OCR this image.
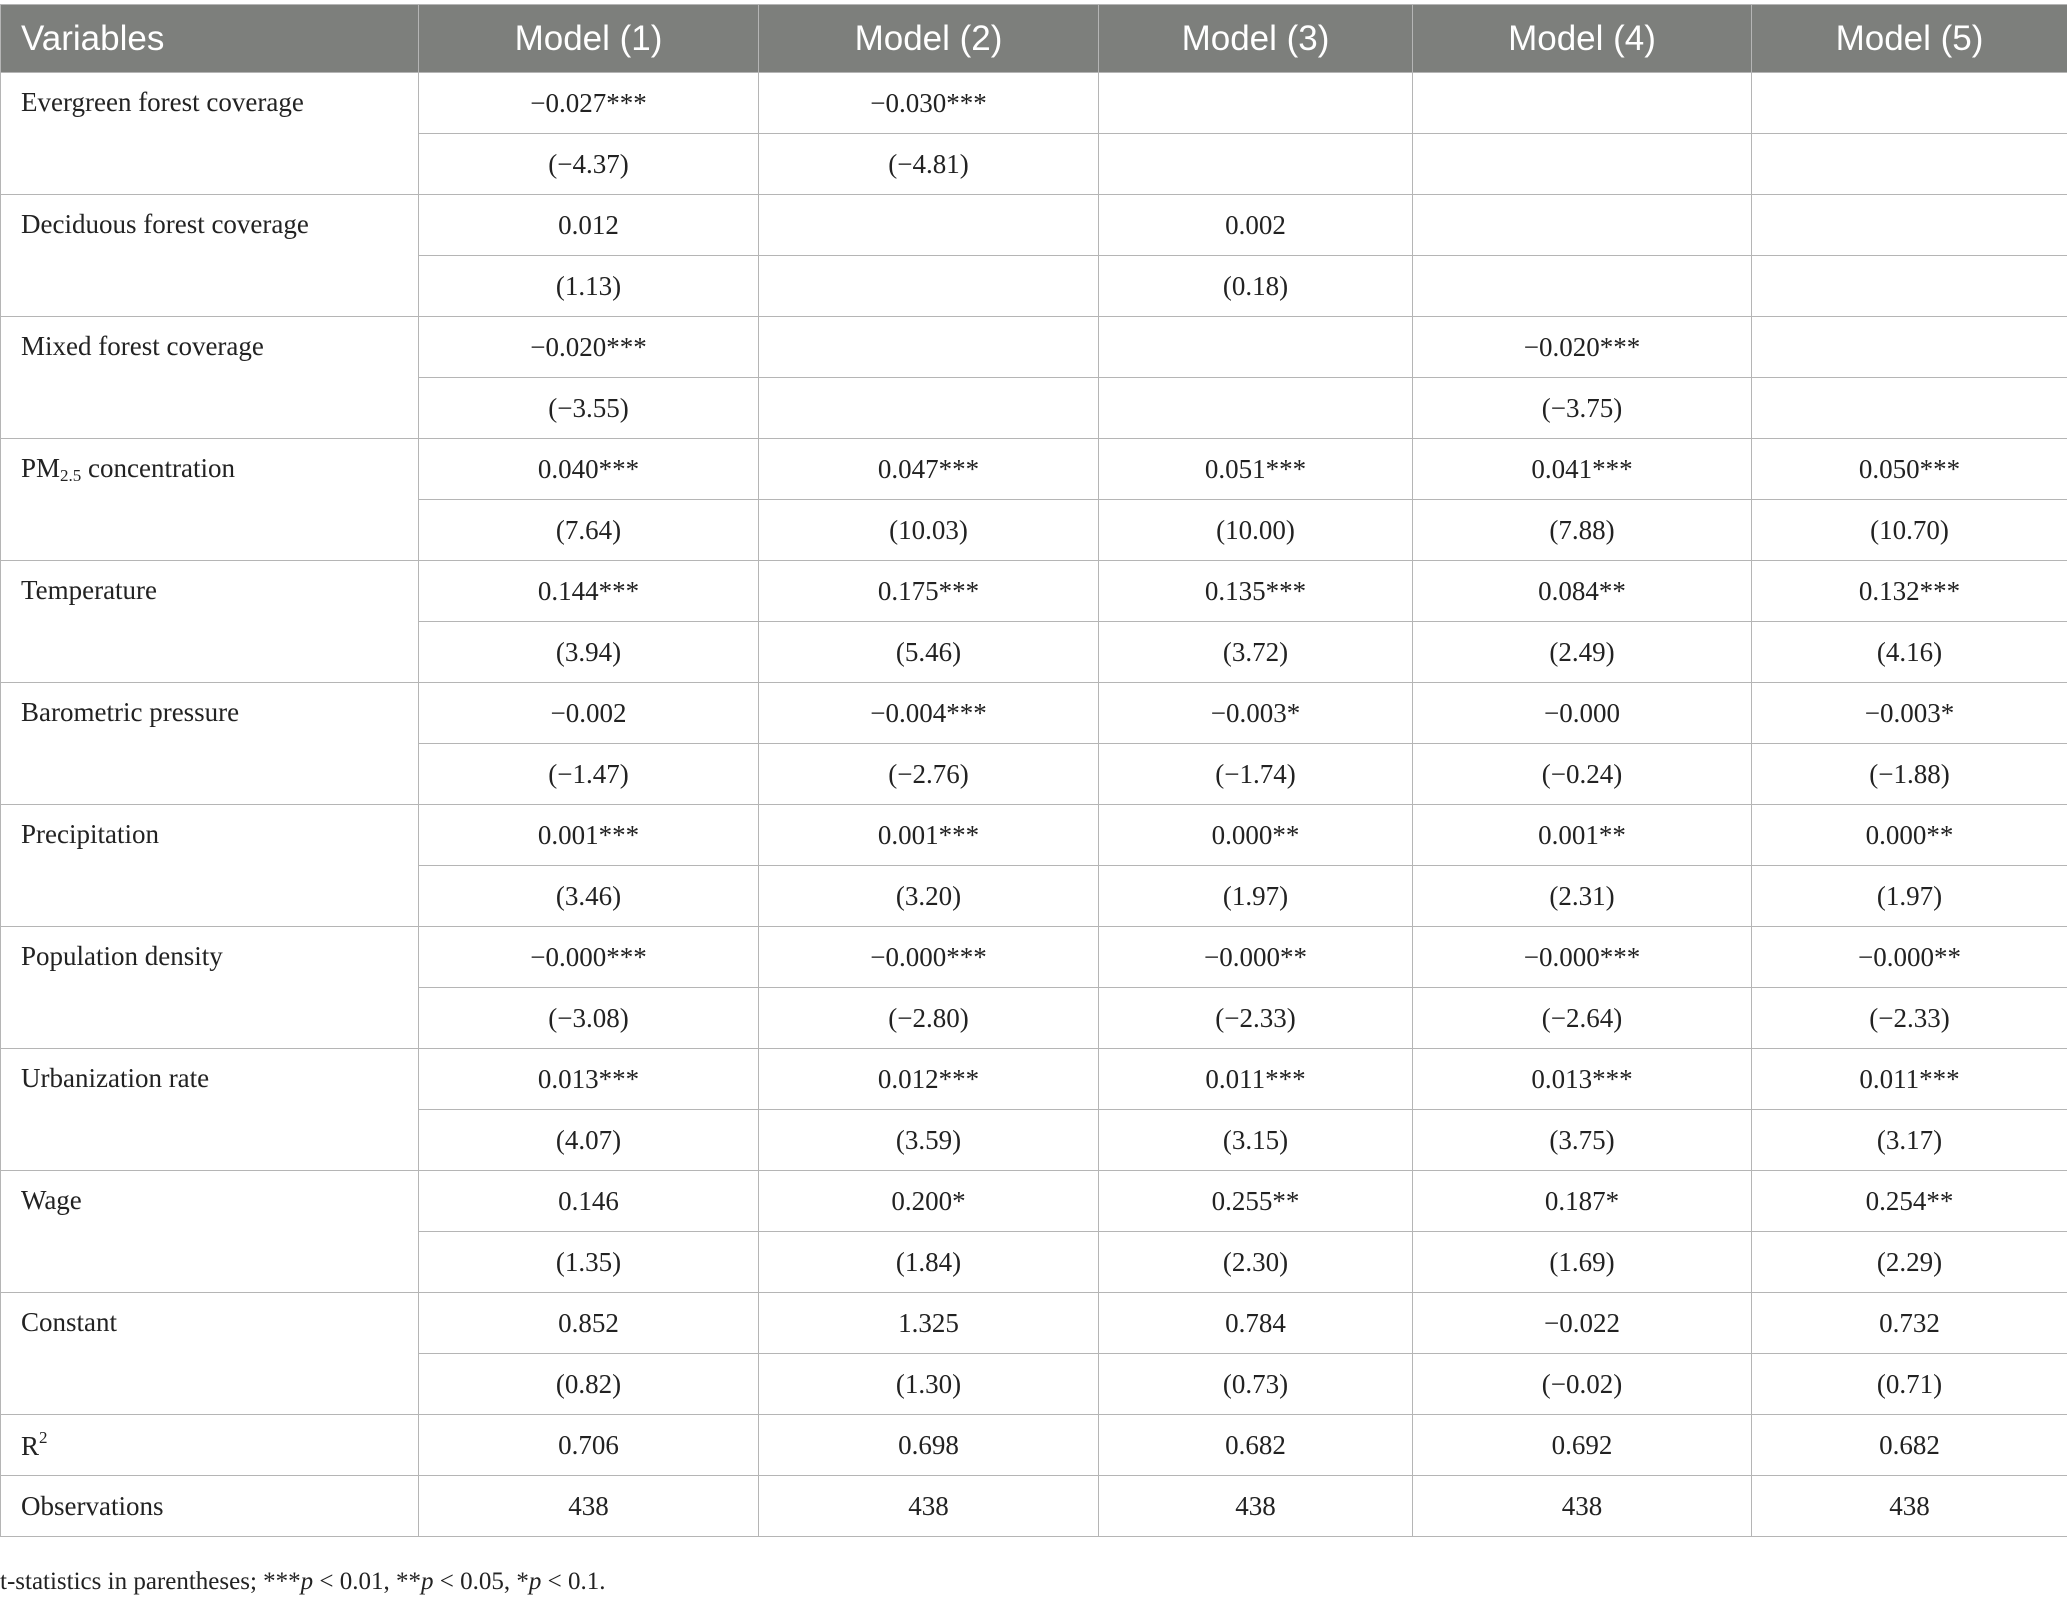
Variables	Model (1)	Model (2)	Model (3)	Model (4)	Model (5)
Evergreen forest coverage	−0.027***	−0.030***			
	(−4.37)	(−4.81)			
Deciduous forest coverage	0.012		0.002		
	(1.13)		(0.18)		
Mixed forest coverage	−0.020***			−0.020***	
	(−3.55)			(−3.75)	
$PM_{2.5}$ concentration	0.040***	0.047***	0.051***	0.041***	0.050***
	(7.64)	(10.03)	(10.00)	(7.88)	(10.70)
Temperature	0.144***	0.175***	0.135***	0.084**	0.132***
	(3.94)	(5.46)	(3.72)	(2.49)	(4.16)
Barometric pressure	−0.002	−0.004***	−0.003*	−0.000	−0.003*
	(−1.47)	(−2.76)	(−1.74)	(−0.24)	(−1.88)
Precipitation	0.001***	0.001***	0.000**	0.001**	0.000**
	(3.46)	(3.20)	(1.97)	(2.31)	(1.97)
Population density	−0.000***	−0.000***	−0.000**	−0.000***	−0.000**
	(−3.08)	(−2.80)	(−2.33)	(−2.64)	(−2.33)
Urbanization rate	0.013***	0.012***	0.011***	0.013***	0.011***
	(4.07)	(3.59)	(3.15)	(3.75)	(3.17)
Wage	0.146	0.200*	0.255**	0.187*	0.254**
	(1.35)	(1.84)	(2.30)	(1.69)	(2.29)
Constant	0.852	1.325	0.784	−0.022	0.732
	(0.82)	(1.30)	(0.73)	(−0.02)	(0.71)
$R^2$	0.706	0.698	0.682	0.692	0.682
Observations	438	438	438	438	438
t-statistics in parentheses; ***p < 0.01, **p < 0.05, *p < 0.1.
